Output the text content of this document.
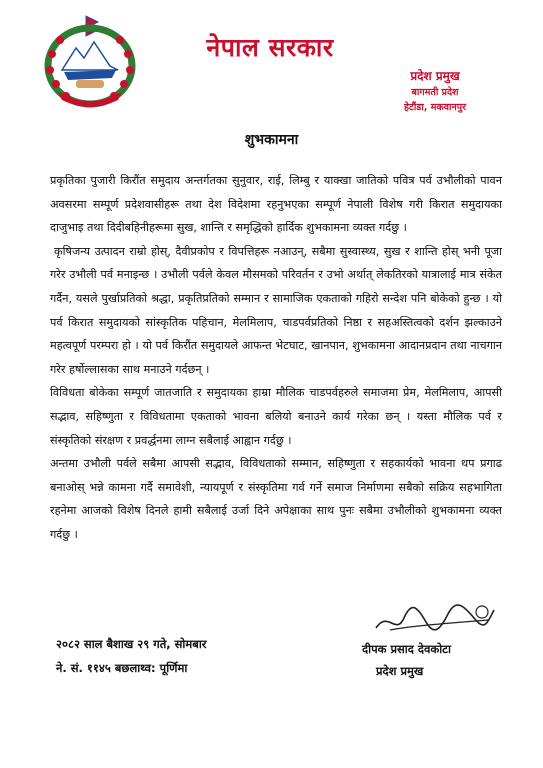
नेपाल सरकार
प्रदेश प्रमुख
बागमती प्रदेश
हेटौंडा, मकवानपुर
शुभकामना

प्रकृतिका पुजारी किरौंत समुदाय अन्तर्गतका सुनुवार, राई, लिम्बु र याक्खा जातिको पवित्र पर्व उभौलीको पावन अवसरमा सम्पूर्ण प्रदेशवासीहरू तथा देश विदेशमा रहनुभएका सम्पूर्ण नेपाली विशेष गरी किरात समुदायका दाजुभाइ तथा दिदीबहिनीहरूमा सुख, शान्ति र समृद्धिको हार्दिक शुभकामना व्यक्त गर्दछु ।

कृषिजन्य उत्पादन राम्रो होस्, दैवीप्रकोप र विपत्तिहरू नआउन्, सबैमा सुस्वास्थ्य, सुख र शान्ति होस् भनी पूजा गरेर उभौली पर्व मनाइन्छ । उभौली पर्वले केवल मौसमको परिवर्तन र उभो अर्थात् लेकतिरको यात्रालाई मात्र संकेत गर्दैन, यसले पुर्खाप्रतिको श्रद्धा, प्रकृतिप्रतिको सम्मान र सामाजिक एकताको गहिरो सन्देश पनि बोकेको हुन्छ । यो पर्व किरात समुदायको सांस्कृतिक पहिचान, मेलमिलाप, चाडपर्वप्रतिको निष्ठा र सहअस्तित्वको दर्शन झल्काउने महत्वपूर्ण परम्परा हो । यो पर्व किरौंत समुदायले आफन्त भेटघाट, खानपान, शुभकामना आदानप्रदान तथा नाचगान गरेर हर्षोल्लासका साथ मनाउने गर्दछन् ।

विविधता बोकेका सम्पूर्ण जातजाति र समुदायका हाम्रा मौलिक चाडपर्वहरुले समाजमा प्रेम, मेलमिलाप, आपसी सद्भाव, सहिष्णुता र विविधतामा एकताको भावना बलियो बनाउने कार्य गरेका छन् । यस्ता मौलिक पर्व र संस्कृतिको संरक्षण र प्रवर्द्धनमा लाग्न सबैलाई आह्वान गर्दछु ।

अन्तमा उभौली पर्वले सबैमा आपसी सद्भाव, विविधताको सम्मान, सहिष्णुता र सहकार्यको भावना थप प्रगाढ बनाओस् भन्ने कामना गर्दै समावेशी, न्यायपूर्ण र संस्कृतिमा गर्व गर्ने समाज निर्माणमा सबैको सक्रिय सहभागिता रहनेमा आजको विशेष दिनले हामी सबैलाई उर्जा दिने अपेक्षाका साथ पुनः सबैमा उभौलीको शुभकामना व्यक्त गर्दछु ।

२०८२ साल बैशाख २९ गते, सोमबार
ने. सं. ११४५ बछलाथ्व: पूर्णिमा
दीपक प्रसाद देवकोटा
प्रदेश प्रमुख
